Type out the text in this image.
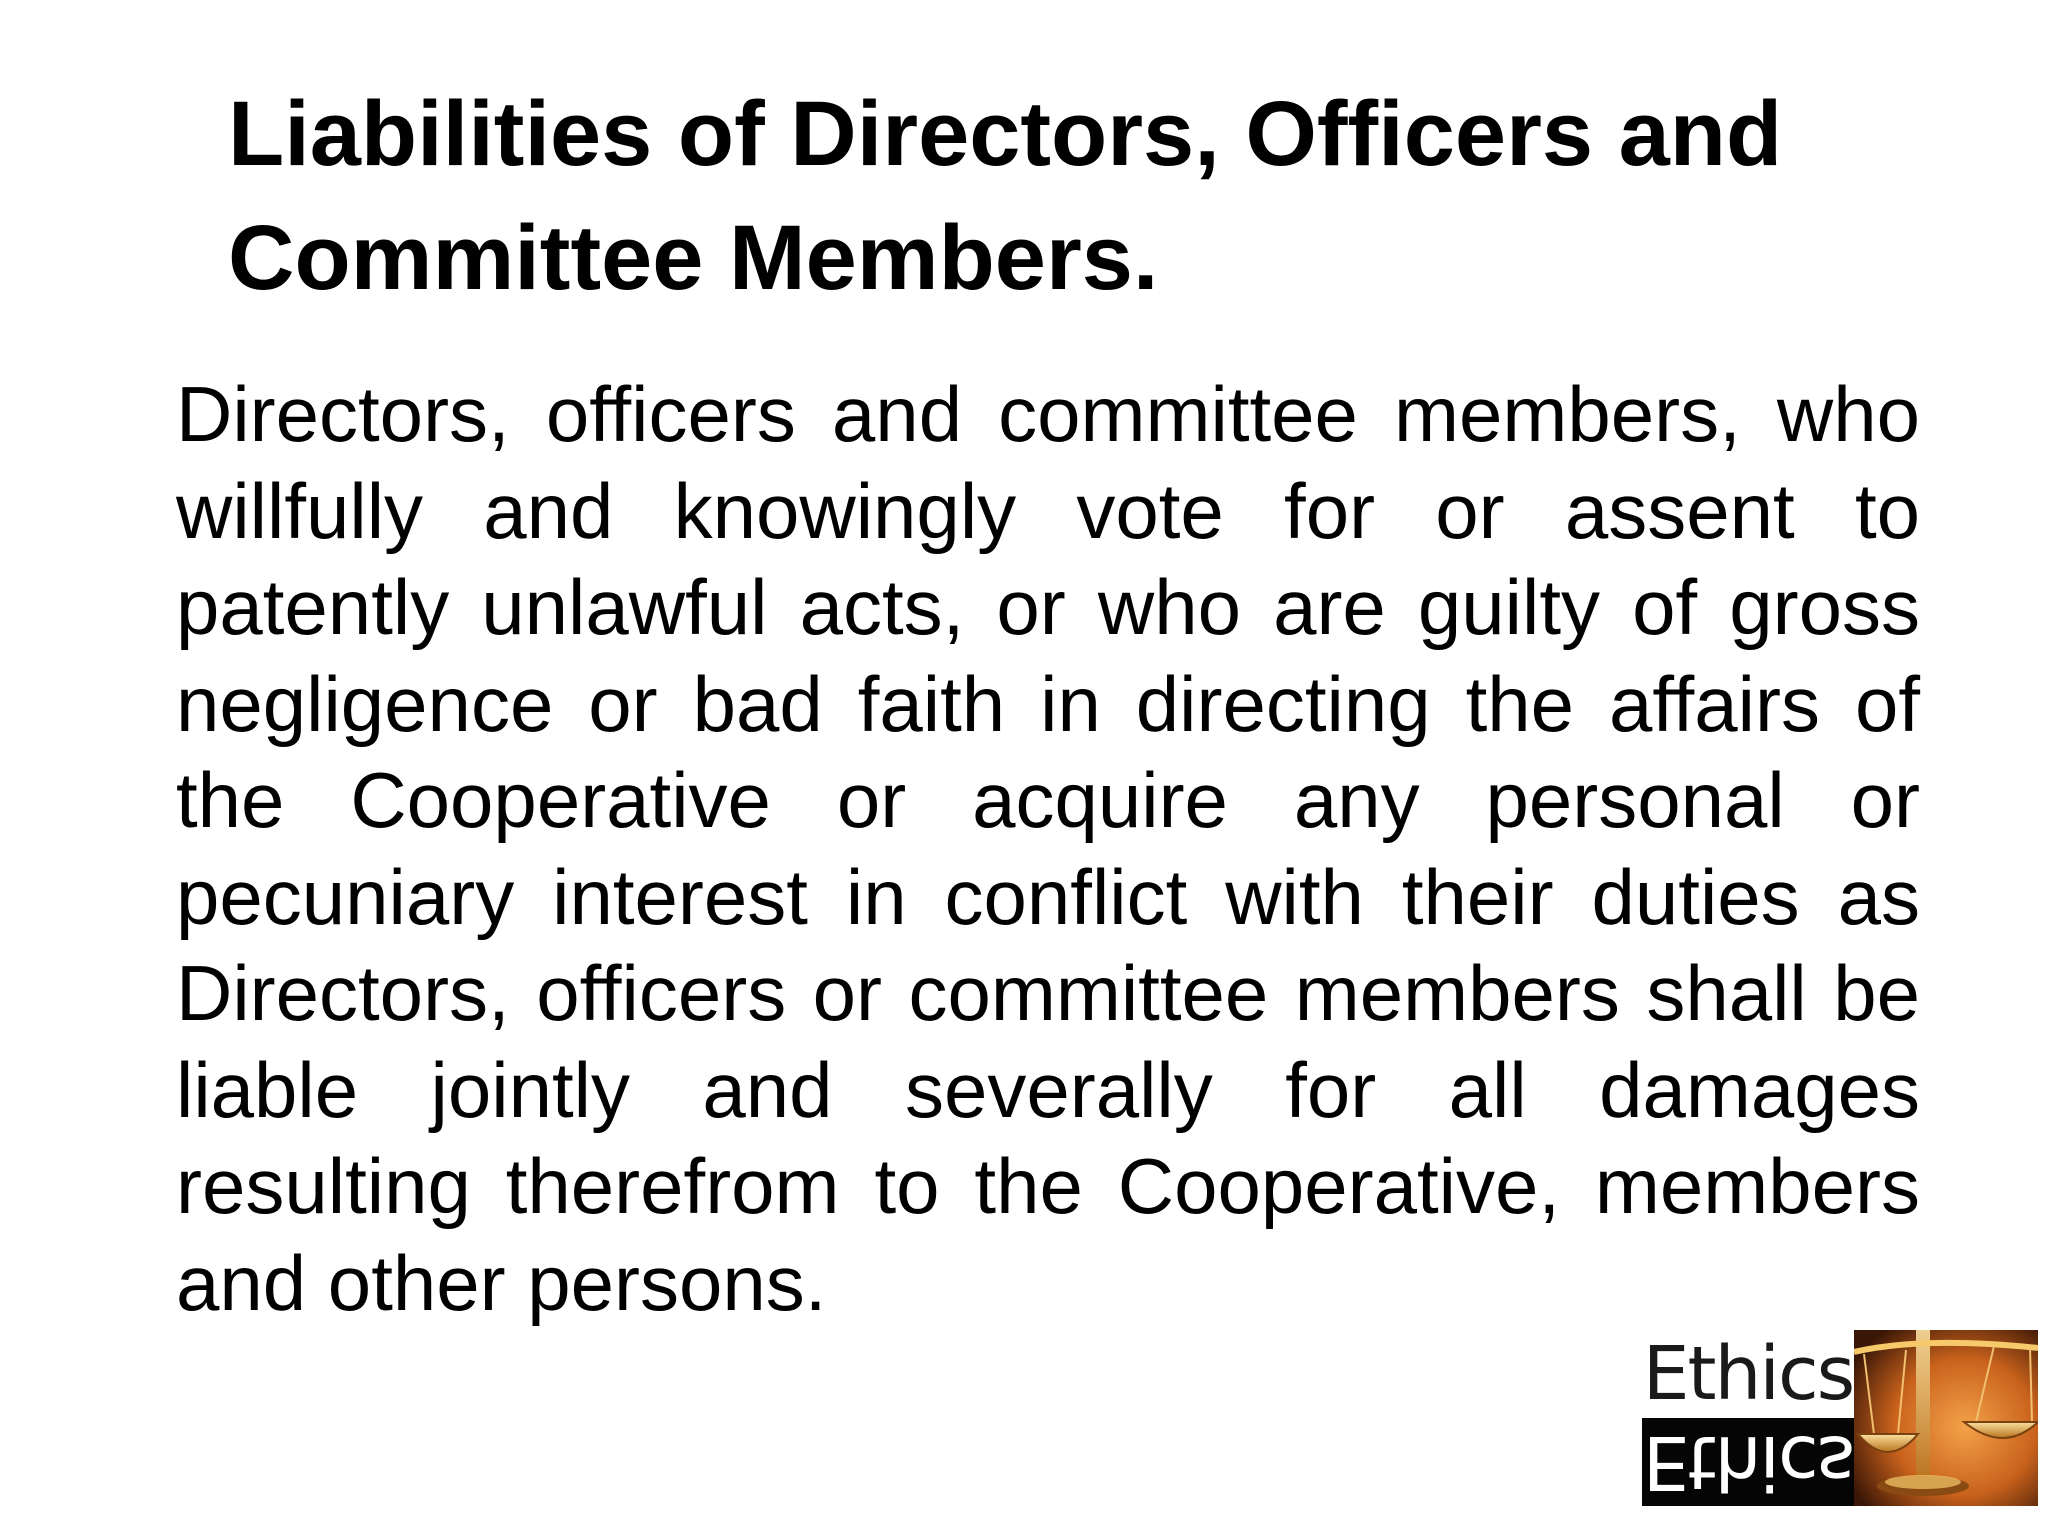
Liabilities of Directors, Officers and Committee Members.

Directors, officers and committee members, who willfully and knowingly vote for or assent to patently unlawful acts, or who are guilty of gross negligence or bad faith in directing the affairs of the Cooperative or acquire any personal or pecuniary interest in conflict with their duties as Directors, officers or committee members shall be liable jointly and severally for all damages resulting therefrom to the Cooperative, members and other persons.

Ethics
Ethics
